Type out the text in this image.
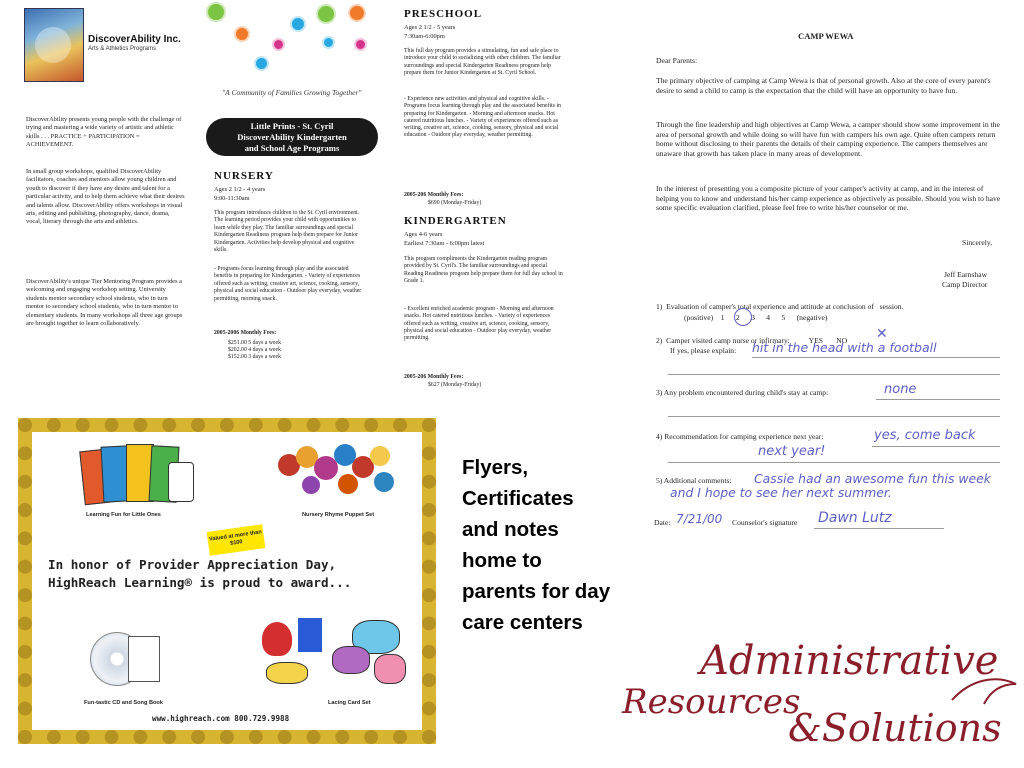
DiscoverAbility Inc.
Arts & Athletics Programs

DiscoverAbility presents young people with the challenge of trying and mastering a wide variety of artistic and athletic skills . . . PRACTICE + PARTICIPATION = ACHIEVEMENT.

In small group workshops, qualified DiscoverAbility facilitators, coaches and mentors allow young children and youth to discover if they have any desire and talent for a particular activity, and to help them achieve what their desires and talents allow. DiscoverAbility offers workshops in visual arts, editing and publishing, photography, dance, drama, vocal, literary through the arts and athletics.

DiscoverAbility's unique Tier Mentoring Program provides a welcoming and engaging workshop setting. University students mentor secondary school students, who in turn mentor to secondary school students, who in turn mentor to elementary students. In many workshops all three age groups are brought together to learn collaboratively.

"A Community of Families Growing Together"
Little Prints - St. Cyril
DiscoverAbility Kindergarten
and School Age Programs
NURSERY
Ages 2 1/2 - 4 years
9:00-11:30am

This program introduces children to the St. Cyril environment. The learning period provides your child with opportunities to learn while they play. The familiar surroundings and special Kindergarten Readiness program help them prepare for Junior Kindergarten. Activities help develop physical and cognitive skills.

- Programs focus learning through play and the associated benefits in preparing for Kindergarten. - Variety of experiences offered such as writing, creative art, science, cooking, sensory, physical and social education - Outdoor play everyday, weather permitting, morning snack.

2005-2006 Monthly Fees:
$251.00 5 days a week
$202.00 4 days a week
$152.00 3 days a week
PRESCHOOL
Ages 2 1/2 - 5 years
7:30am-6:00pm

This full day program provides a stimulating, fun and safe place to introduce your child to socializing with other children. The familiar surroundings and special Kindergarten Readiness program help prepare them for Junior Kindergarten at St. Cyril School.

- Experience new activities and physical and cognitive skills. - Programs focus learning through play and the associated benefits in preparing for Kindergarten. - Morning and afternoon snacks. Hot catered nutritious lunches. - Variety of experiences offered such as writing, creative art, science, cooking, sensory, physical and social education - Outdoor play everyday, weather permitting.

2005-206 Monthly Fees:
$690 (Monday-Friday)
KINDERGARTEN
Ages 4-6 years
Earliest 7:30am - 6:00pm latest

This program compliments the Kindergarten reading program provided by St. Cyril's. The familiar surroundings and special Reading Readiness program help prepare them for full day school in Grade 1.

- Excellent enriched academic program - Morning and afternoon snacks. Hot catered nutritious lunches. - Variety of experiences offered such as writing, creative art, science, cooking, sensory, physical and social education - Outdoor play everyday, weather permitting.

2005-206 Monthly Fees:
$627 (Monday-Friday)
CAMP WEWA
Dear Parents:

The primary objective of camping at Camp Wewa is that of personal growth. Also at the core of every parent's desire to send a child to camp is the expectation that the child will have an opportunity to have fun.

Through the fine leadership and high objectives at Camp Wewa, a camper should show some improvement in the area of personal growth and while doing so will have fun with campers his own age. Quite often campers return home without disclosing to their parents the details of their camping experience. The campers themselves are unaware that growth has taken place in many areas of development.

In the interest of presenting you a composite picture of your camper's activity at camp, and in the interest of helping you to know and understand his/her camp experience as objectively as possible. Should you wish to have some specific evaluation clarified, please feel free to write his/her counselor or me.

Sincerely,
Jeff Earnshaw
Camp Director
1)  Evaluation of camper's total experience and attitude at conclusion of   session.
(positive)    1      2      3      4      5      (negative)
2)  Camper visited camp nurse or infirmary:          YES       NO ✕
If yes, please explain: hit in the head with a football
3) Any problem encountered during child's stay at camp:	none
4) Recommendation for camping experience next year:	yes, come back next year!
5) Additional comments:	Cassie had an awesome fun this week and I hope to see her next summer.
Date: 7/21/00 Counselor's signature Dawn Lutz
Learning Fun for Little Ones	Nursery Rhyme Puppet Set
Valued at more than $100
In honor of Provider Appreciation Day,
HighReach Learning® is proud to award...
Fun-tastic CD and Song Book	Lacing Card Set
www.highreach.com 800.729.9988
Flyers, Certificates and notes home to parents for day care centers
Administrative
Resources
&Solutions
